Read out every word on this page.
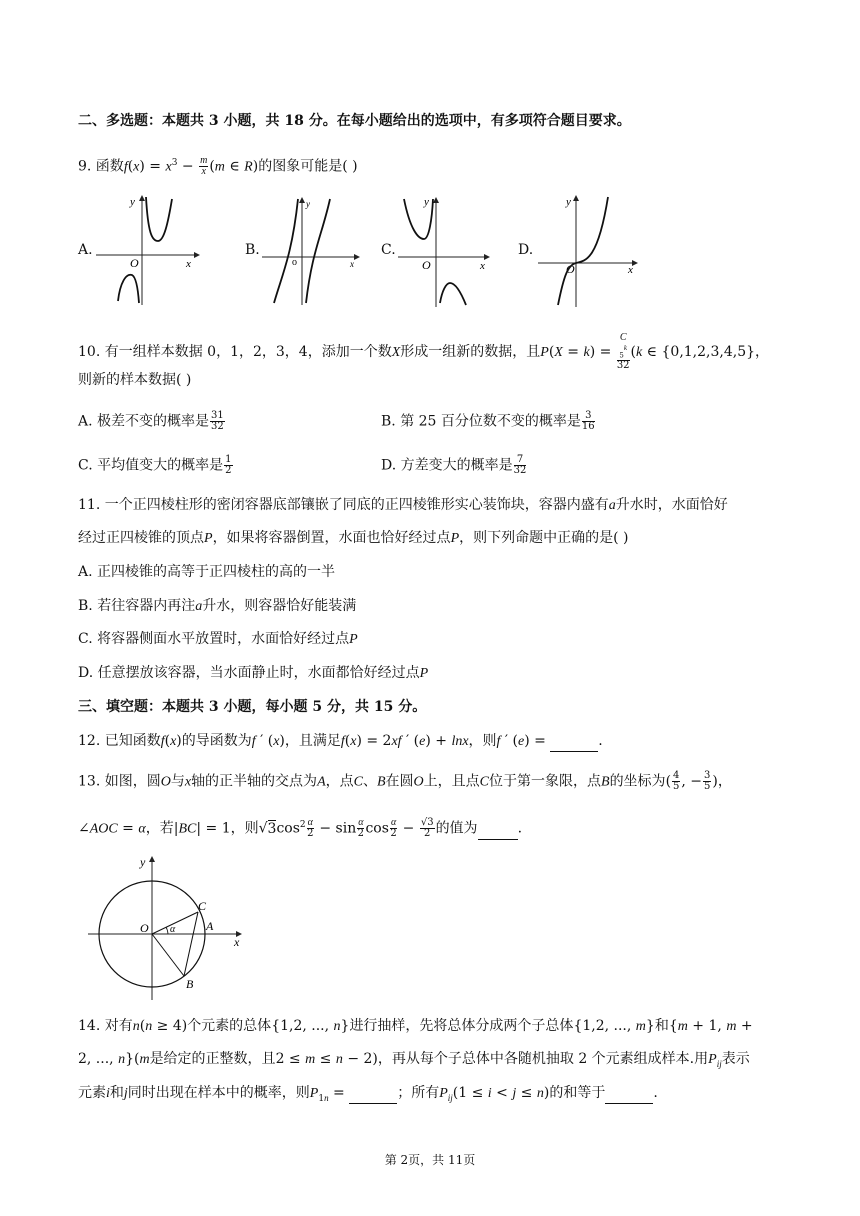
二、多选题：本题共 3 小题，共 18 分。在每小题给出的选项中，有多项符合题目要求。
9. 函数$f(x) = x^3 - \frac{m}{x} (m$ ∈ R)的图象可能是( )
A.	B.	C.	D.
y
x
O
y
x
o
y
x
O
y
x
O
10. 有一组样本数据 0，1，2，3，4，添加一个数X形成一组新的数据，且P(X = k) = C
$_5^k$
32 (k ∈ {0,1,2,3,4,5}，
则新的样本数据( )
A. 极差不变的概率是 $\frac{31}{32}$	B. 第 25 百分位数不变的概率是 $\frac{3}{16}$
C. 平均值变大的概率是 $\frac{1}{2}$	D. 方差变大的概率是 $\frac{7}{32}$
11. 一个正四棱柱形的密闭容器底部镶嵌了同底的正四棱锥形实心装饰块，容器内盛有a升水时，水面恰好
经过正四棱锥的顶点P，如果将容器倒置，水面也恰好经过点P，则下列命题中正确的是( )
A. 正四棱锥的高等于正四棱柱的高的一半
B. 若往容器内再注a升水，则容器恰好能装满
C. 将容器侧面水平放置时，水面恰好经过点P
D. 任意摆放该容器，当水面静止时，水面都恰好经过点P
三、填空题：本题共 3 小题，每小题 5 分，共 15 分。
12. 已知函数f(x)的导函数为f ′ (x)，且满足f(x) = 2xf ′ (e) + lnx，则f ′ (e) =	.
13. 如图，圆O与x轴的正半轴的交点为A，点C、B在圆O上，且点C位于第一象限，点B的坐标为( $\frac{4}{5}$ , − $\frac{3}{5}$ )，
∠AOC = α，若|BC| = 1，则$√3\cos^2 \frac{\alpha}{2} - \sin \frac{\alpha}{2}$ $\cos \frac{\alpha}{2} - \frac{√3}{2}$ 的值为	.
y
x
O α	A
C
B
14. 对有n(n ≥ 4)个元素的总体{1,2, ..., n}进行抽样，先将总体分成两个子总体{1,2, ..., m}和{m + 1, m +
2, ..., n}(m是给定的正整数，且2 ≤ m ≤ n − 2)，再从每个子总体中各随机抽取 2 个元素组成样本.用$P_{ij}$表示
元素i和j同时出现在样本中的概率，则$P_{1n}$ =	；所有$P_{ij}(1 \le i < j \le n)$的和等于	.
第 2页，共 11页
